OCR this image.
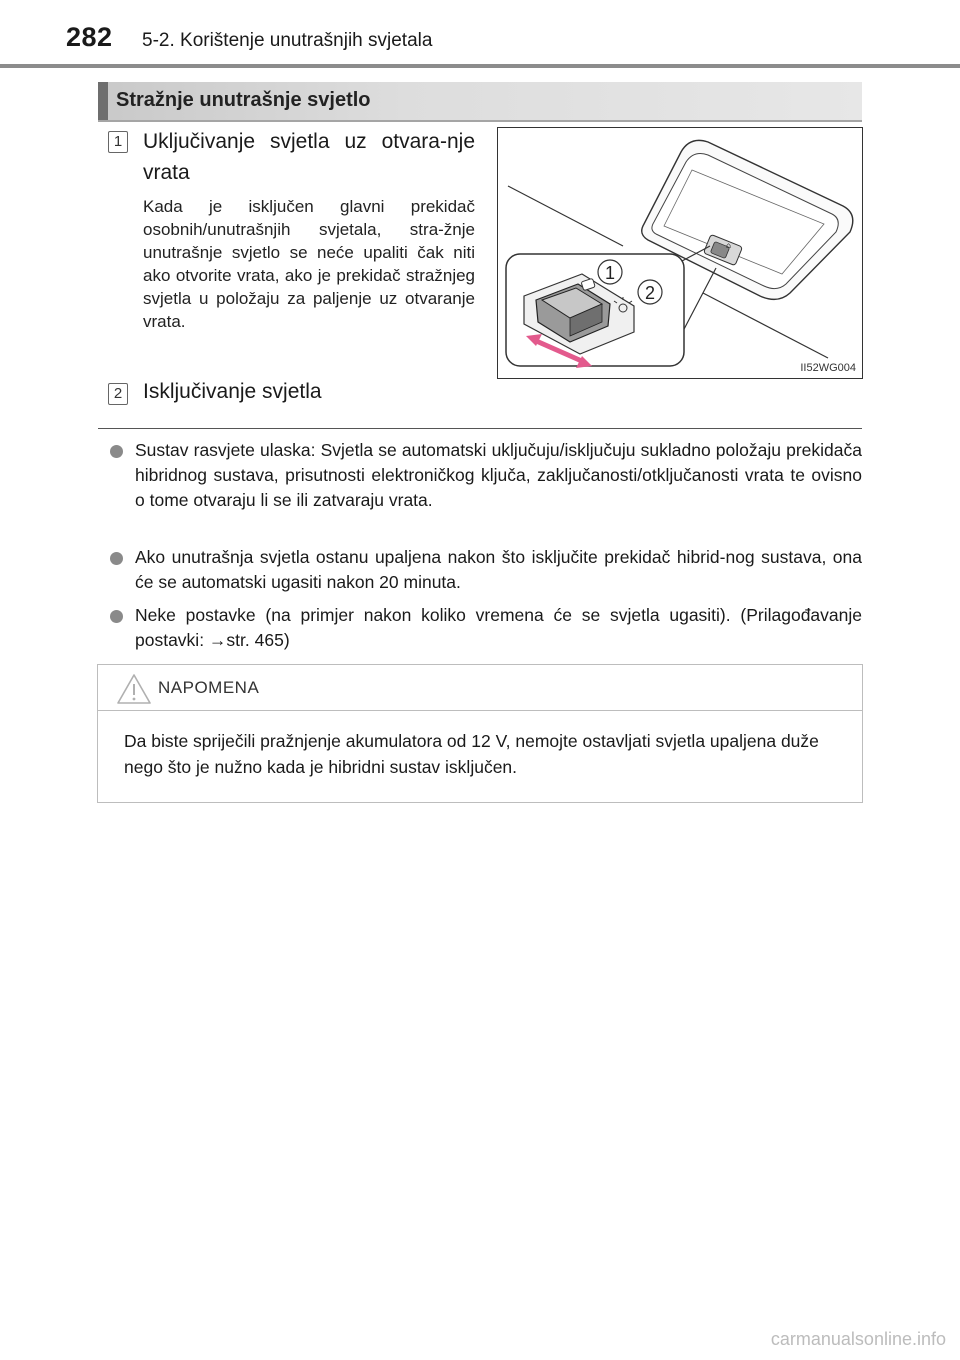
282 5-2. Korištenje unutrašnjih svjetala
Stražnje unutrašnje svjetlo
1 Uključivanje svjetla uz otvara-nje vrata
Kada je isključen glavni prekidač osobnih/unutrašnjih svjetala, stra-žnje unutrašnje svjetlo se neće upaliti čak niti ako otvorite vrata, ako je prekidač stražnjeg svjetla u položaju za paljenje uz otvaranje vrata.
2 Isključivanje svjetla
⌂
1
2
II52WG004
Sustav rasvjete ulaska: Svjetla se automatski uključuju/isključuju sukladno položaju prekidača hibridnog sustava, prisutnosti elektroničkog ključa, zaključanosti/otključanosti vrata te ovisno o tome otvaraju li se ili zatvaraju vrata.
Ako unutrašnja svjetla ostanu upaljena nakon što isključite prekidač hibrid-nog sustava, ona će se automatski ugasiti nakon 20 minuta.
Neke postavke (na primjer nakon koliko vremena će se svjetla ugasiti). (Prilagođavanje postavki: →str. 465)
NAPOMENA
Da biste spriječili pražnjenje akumulatora od 12 V, nemojte ostavljati svjetla upaljena duže nego što je nužno kada je hibridni sustav isključen.
carmanualsonline.info
